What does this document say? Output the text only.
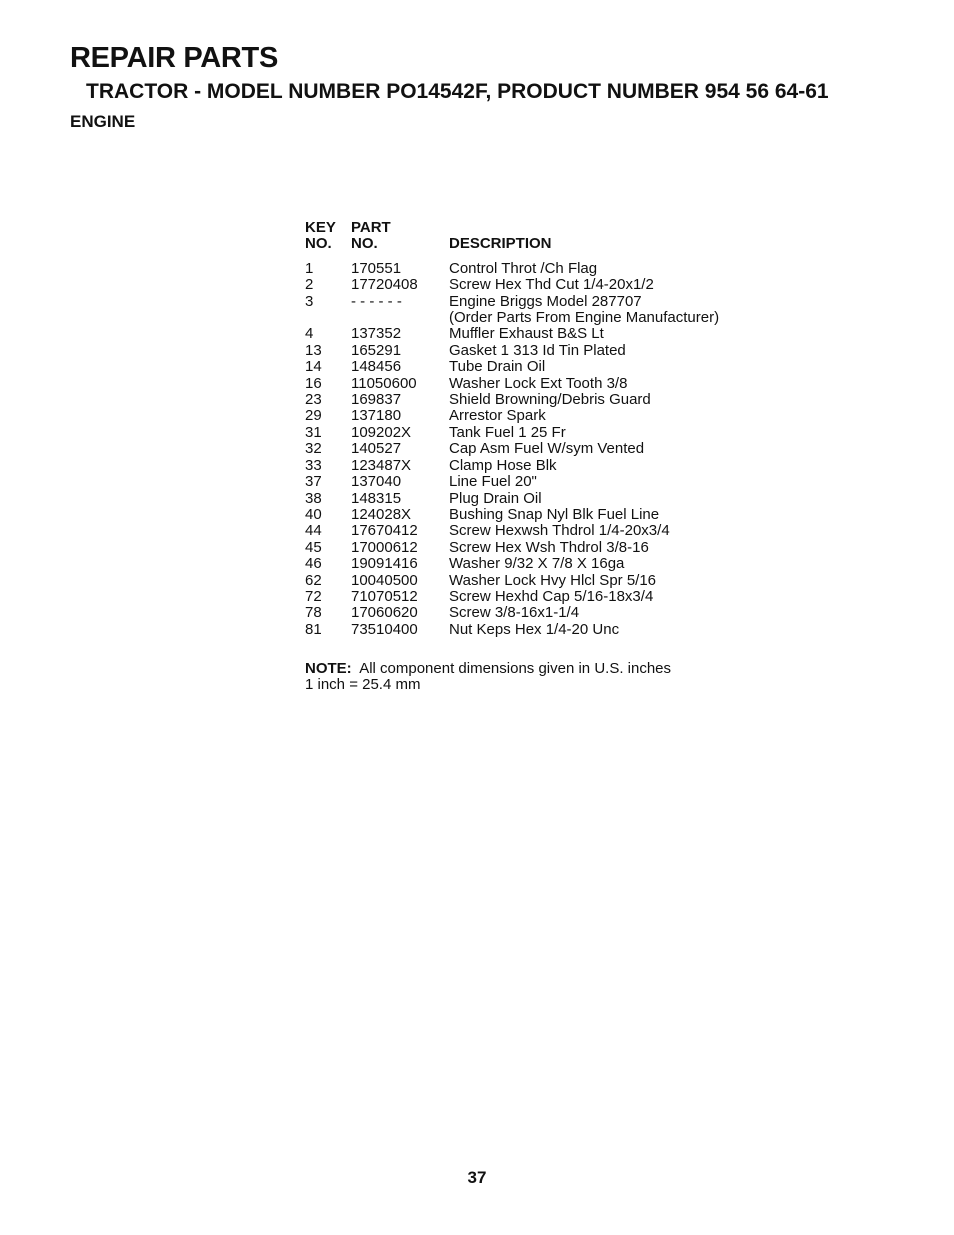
REPAIR PARTS
TRACTOR - MODEL NUMBER PO14542F, PRODUCT NUMBER 954 56 64-61
ENGINE
KEY	PART
NO.	NO.	DESCRIPTION
1	170551	Control Throt /Ch Flag
2	17720408	Screw Hex Thd Cut 1/4-20x1/2
3	- - - - - -	Engine Briggs Model 287707
(Order Parts From Engine Manufacturer)
4	137352	Muffler Exhaust B&S Lt
13	165291	Gasket 1 313 Id Tin Plated
14	148456	Tube Drain Oil
16	11050600	Washer Lock Ext Tooth 3/8
23	169837	Shield Browning/Debris Guard
29	137180	Arrestor Spark
31	109202X	Tank Fuel 1 25 Fr
32	140527	Cap Asm Fuel W/sym Vented
33	123487X	Clamp Hose Blk
37	137040	Line Fuel 20"
38	148315	Plug Drain Oil
40	124028X	Bushing Snap Nyl Blk Fuel Line
44	17670412	Screw Hexwsh Thdrol 1/4-20x3/4
45	17000612	Screw Hex Wsh Thdrol 3/8-16
46	19091416	Washer 9/32 X 7/8 X 16ga
62	10040500	Washer Lock Hvy Hlcl Spr 5/16
72	71070512	Screw Hexhd Cap 5/16-18x3/4
78	17060620	Screw 3/8-16x1-1/4
81	73510400	Nut Keps Hex 1/4-20 Unc
NOTE: All component dimensions given in U.S. inches
1 inch = 25.4 mm
37
